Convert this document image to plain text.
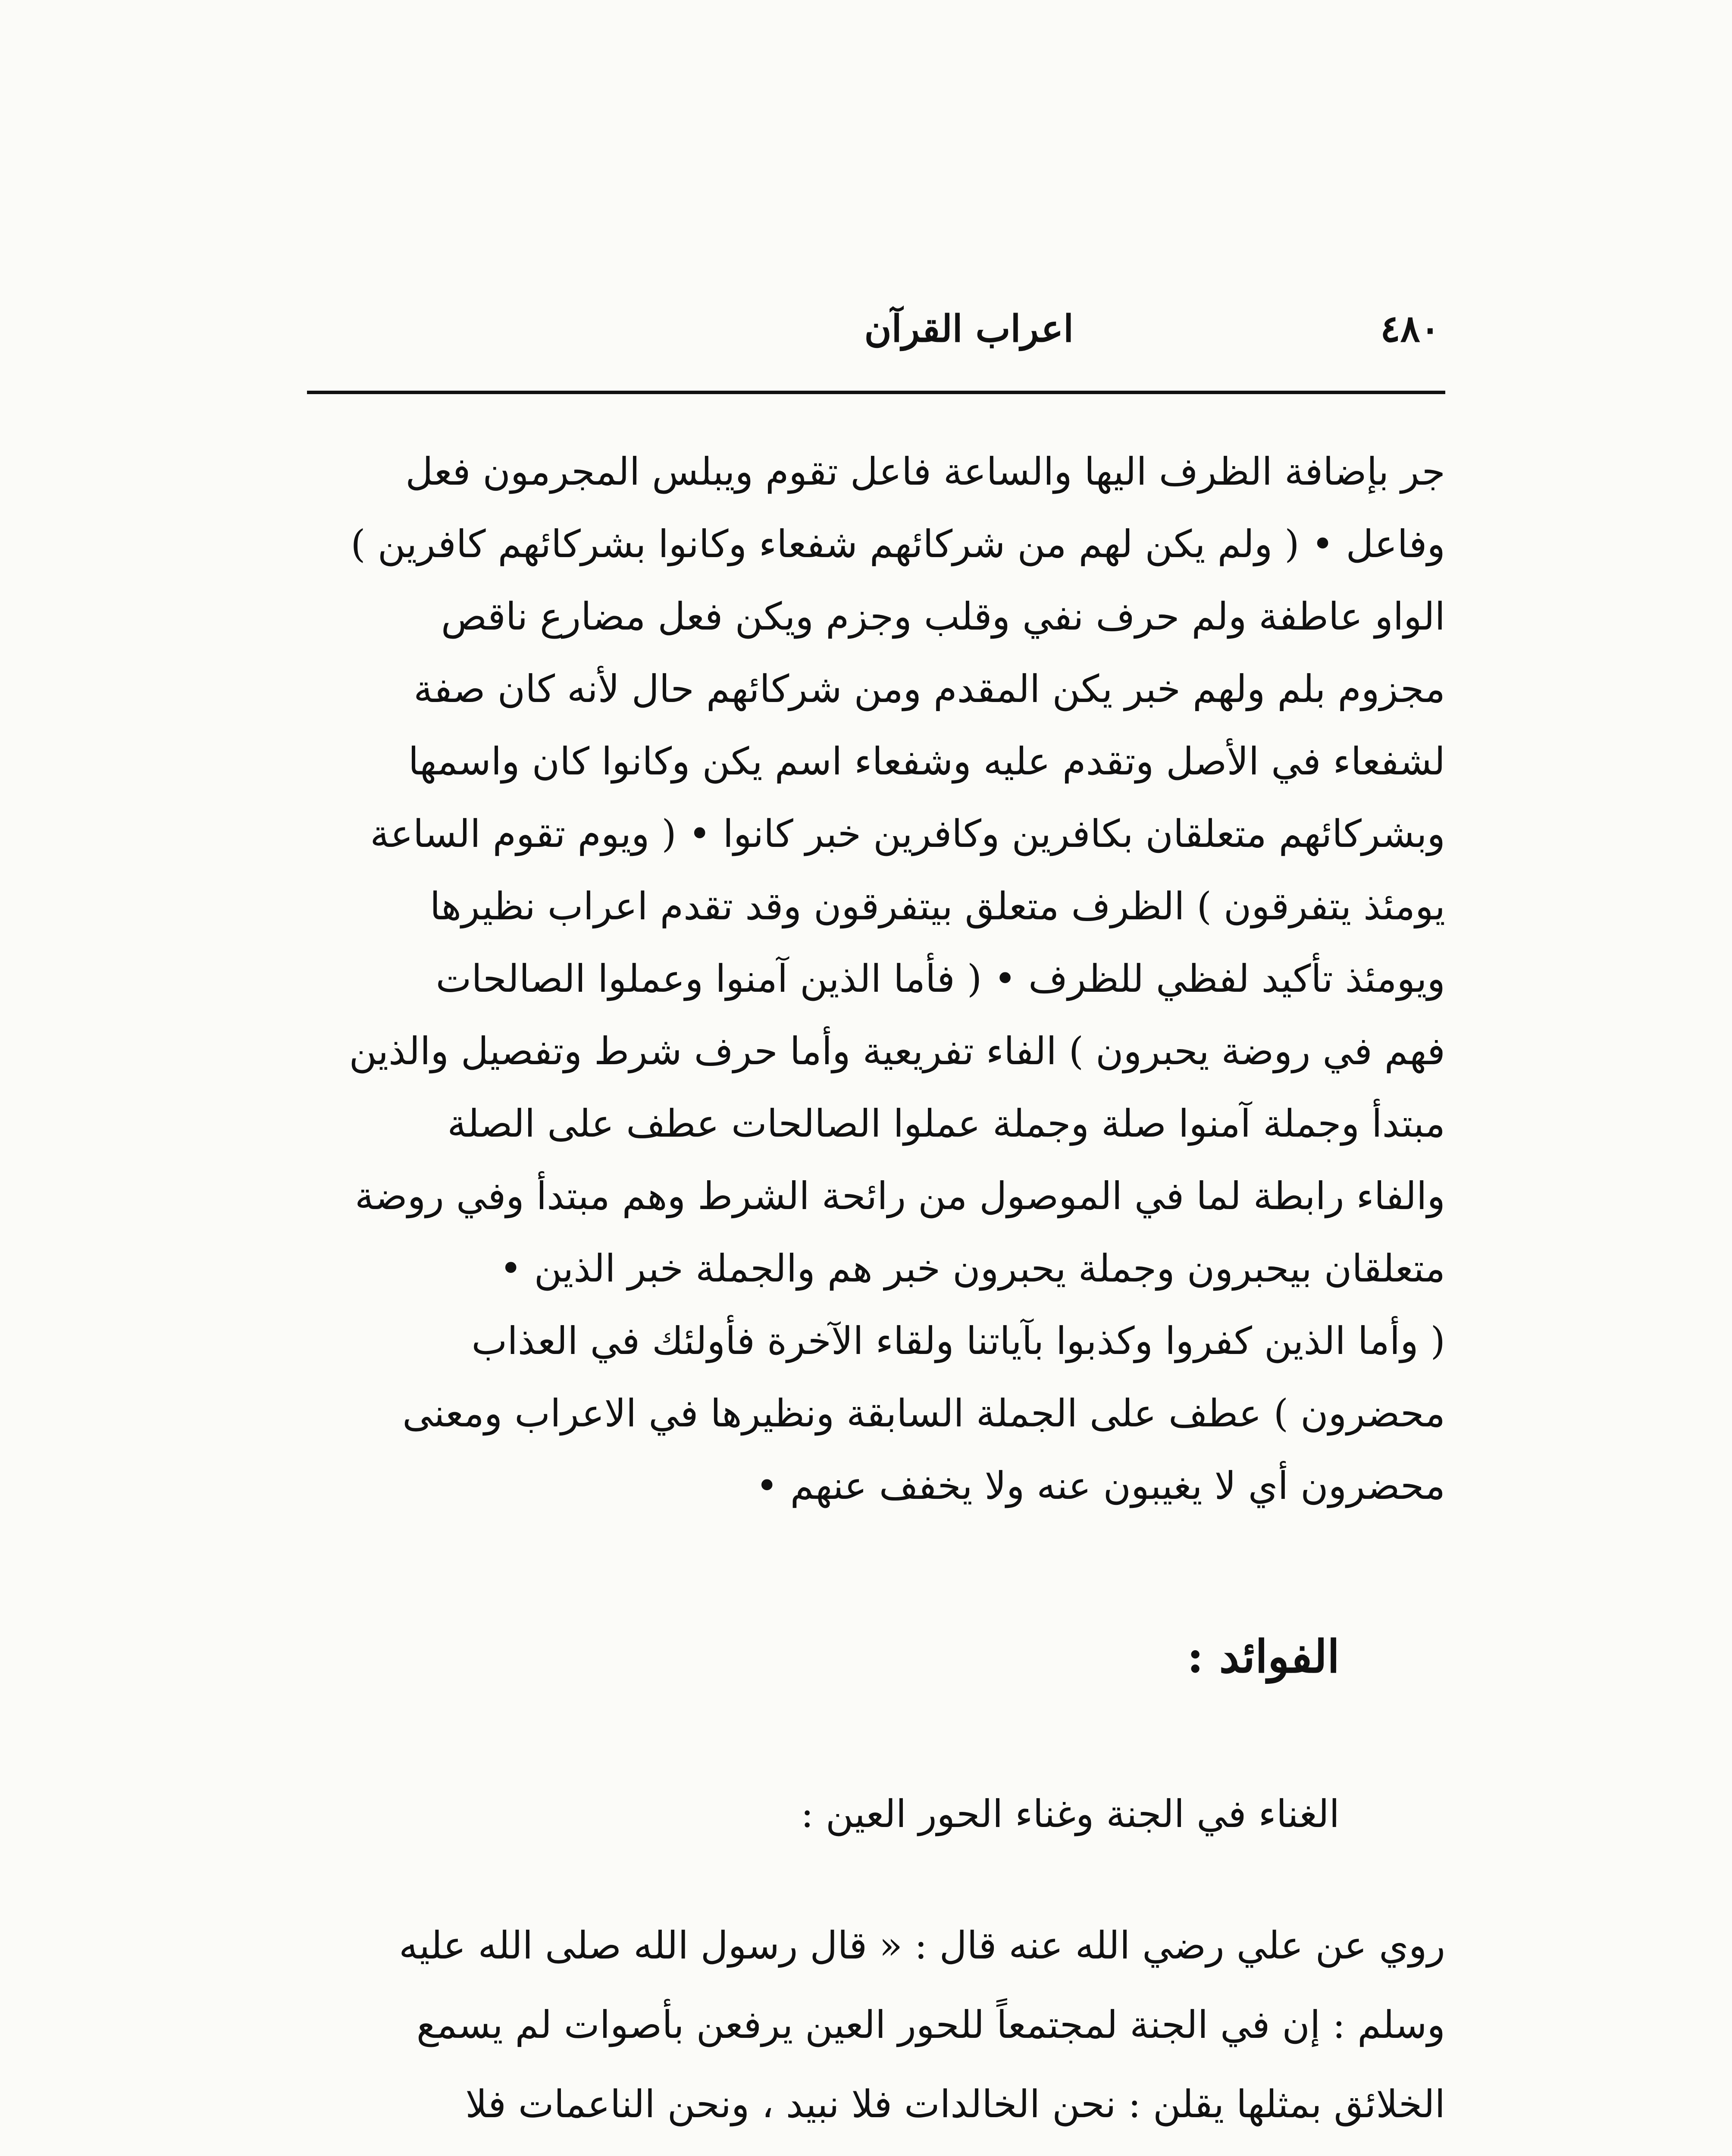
٤٨٠
اعراب القرآن
جر بإضافة الظرف اليها والساعة فاعل تقوم ويبلس المجرمون فعل
وفاعل • ( ولم يكن لهم من شركائهم شفعاء وكانوا بشركائهم كافرين )
الواو عاطفة ولم حرف نفي وقلب وجزم ويكن فعل مضارع ناقص
مجزوم بلم ولهم خبر يكن المقدم ومن شركائهم حال لأنه كان صفة
لشفعاء في الأصل وتقدم عليه وشفعاء اسم يكن وكانوا كان واسمها
وبشركائهم متعلقان بكافرين وكافرين خبر كانوا • ( ويوم تقوم الساعة
يومئذ يتفرقون ) الظرف متعلق بيتفرقون وقد تقدم اعراب نظيرها
ويومئذ تأكيد لفظي للظرف • ( فأما الذين آمنوا وعملوا الصالحات
فهم في روضة يحبرون ) الفاء تفريعية وأما حرف شرط وتفصيل والذين
مبتدأ وجملة آمنوا صلة وجملة عملوا الصالحات عطف على الصلة
والفاء رابطة لما في الموصول من رائحة الشرط وهم مبتدأ وفي روضة
متعلقان بيحبرون وجملة يحبرون خبر هم والجملة خبر الذين •
( وأما الذين كفروا وكذبوا بآياتنا ولقاء الآخرة فأولئك في العذاب
محضرون ) عطف على الجملة السابقة ونظيرها في الاعراب ومعنى
محضرون أي لا يغيبون عنه ولا يخفف عنهم •
الفوائد :
الغناء في الجنة وغناء الحور العين :
روي عن علي رضي الله عنه قال : « قال رسول الله صلى الله عليه
وسلم : إن في الجنة لمجتمعاً للحور العين يرفعن بأصوات لم يسمع
الخلائق بمثلها يقلن : نحن الخالدات فلا نبيد ، ونحن الناعمات فلا
